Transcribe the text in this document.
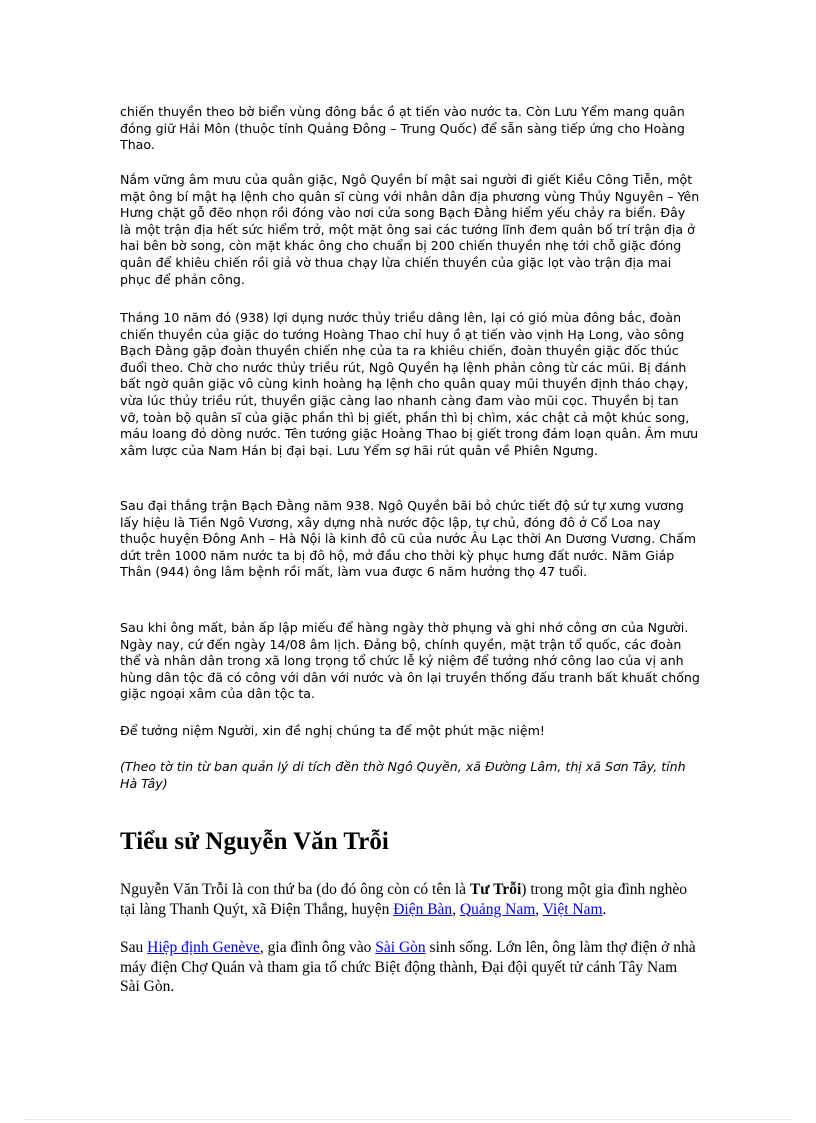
chiến thuyền theo bờ biển vùng đông bắc ồ ạt tiến vào nước ta. Còn Lưu Yểm mang quân đóng giữ Hải Môn (thuộc tỉnh Quảng Đông – Trung Quốc) để sẵn sàng tiếp ứng cho Hoàng Thao.

Nắm vững âm mưu của quân giặc, Ngô Quyền bí mật sai người đi giết Kiều Công Tiễn, một mặt ông bí mật hạ lệnh cho quân sĩ cùng với nhân dân địa phương vùng Thủy Nguyên – Yên Hưng chặt gỗ đẽo nhọn rồi đóng vào nơi cửa song Bạch Đằng hiểm yếu chảy ra biển. Đây là một trận địa hết sức hiểm trở, một mặt ông sai các tướng lĩnh đem quân bố trí trận địa ở hai bên bờ song, còn mặt khác ông cho chuẩn bị 200 chiến thuyền nhẹ tới chỗ giặc đóng quân để khiêu chiến rồi giả vờ thua chạy lừa chiến thuyền của giặc lọt vào trận địa mai phục để phản công.

Tháng 10 năm đó (938) lợi dụng nước thủy triều dâng lên, lại có gió mùa đông bắc, đoàn chiến thuyền của giặc do tướng Hoàng Thao chỉ huy ồ ạt tiến vào vịnh Hạ Long, vào sông Bạch Đằng gặp đoàn thuyền chiến nhẹ của ta ra khiêu chiến, đoàn thuyền giặc đốc thúc đuổi theo. Chờ cho nước thủy triều rút, Ngô Quyền hạ lệnh phản công từ các mũi. Bị đánh bất ngờ quân giặc vô cùng kinh hoàng hạ lệnh cho quân quay mũi thuyền định tháo chạy, vừa lúc thủy triều rút, thuyền giặc càng lao nhanh càng đam vào mũi cọc. Thuyền bị tan vỡ, toàn bộ quân sĩ của giặc phần thì bị giết, phần thì bị chìm, xác chật cả một khúc song, máu loang đỏ dòng nước. Tên tướng giặc Hoàng Thao bị giết trong đám loạn quân. Âm mưu xâm lược của Nam Hán bị đại bại. Lưu Yểm sợ hãi rút quân về Phiên Ngưng.

Sau đại thắng trận Bạch Đằng năm 938. Ngô Quyền bãi bỏ chức tiết độ sứ tự xưng vương lấy hiệu là Tiền Ngô Vương, xây dựng nhà nước độc lập, tự chủ, đóng đô ở Cổ Loa nay thuộc huyện Đông Anh – Hà Nội là kinh đô cũ của nước Âu Lạc thời An Dương Vương. Chấm dứt trên 1000 năm nước ta bị đô hộ, mở đầu cho thời kỳ phục hưng đất nước. Năm Giáp Thân (944) ông lâm bệnh rồi mất, làm vua được 6 năm hưởng thọ 47 tuổi.

Sau khi ông mất, bản ấp lập miếu để hàng ngày thờ phụng và ghi nhớ công ơn của Người. Ngày nay, cứ đến ngày 14/08 âm lịch. Đảng bộ, chính quyền, mặt trận tổ quốc, các đoàn thể và nhân dân trong xã long trọng tổ chức lễ kỷ niệm để tưởng nhớ công lao của vị anh hùng dân tộc đã có công với dân với nước và ôn lại truyền thống đấu tranh bất khuất chống giặc ngoại xâm của dân tộc ta.

Để tưởng niệm Người, xin đề nghị chúng ta để một phút mặc niệm!

(Theo tờ tin từ ban quản lý di tích đền thờ Ngô Quyền, xã Đường Lâm, thị xã Sơn Tây, tỉnh Hà Tây)

Tiểu sử Nguyễn Văn Trỗi

Nguyễn Văn Trỗi là con thứ ba (do đó ông còn có tên là Tư Trỗi) trong một gia đình nghèo tại làng Thanh Quýt, xã Điện Thắng, huyện Điện Bàn, Quảng Nam, Việt Nam.

Sau Hiệp định Genève, gia đình ông vào Sài Gòn sinh sống. Lớn lên, ông làm thợ điện ở nhà máy điện Chợ Quán và tham gia tổ chức Biệt động thành, Đại đội quyết tử cánh Tây Nam Sài Gòn.
